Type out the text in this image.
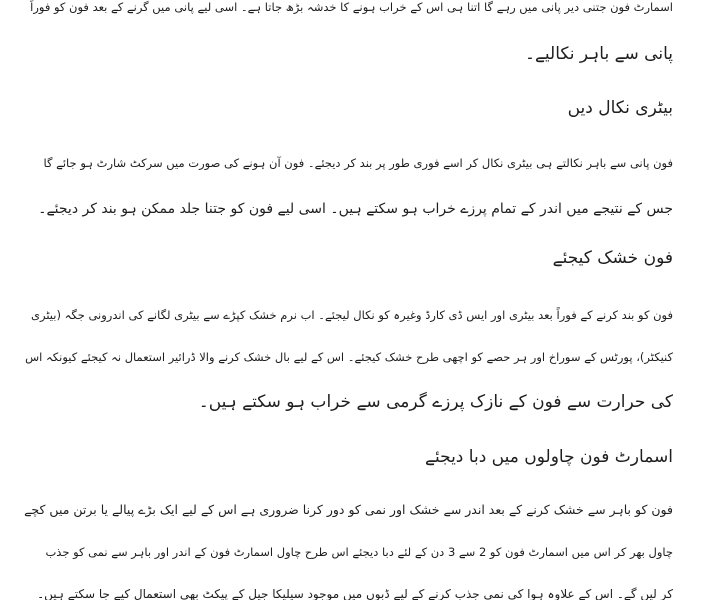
اسمارٹ فون جتنی دیر پانی میں رہے گا اتنا ہی اس کے خراب ہونے کا خدشہ بڑھ جاتا ہے۔ اسی لیے پانی میں گرنے کے بعد فون کو فوراً
پانی سے باہر نکالیے۔
بیٹری نکال دیں
فون پانی سے باہر نکالتے ہی بیٹری نکال کر اسے فوری طور پر بند کر دیجئے۔ فون آن ہونے کی صورت میں سرکٹ شارٹ ہو جائے گا
جس کے نتیجے میں اندر کے تمام پرزے خراب ہو سکتے ہیں۔ اسی لیے فون کو جتنا جلد ممکن ہو بند کر دیجئے۔
فون خشک کیجئے
فون کو بند کرنے کے فوراً بعد بیٹری اور ایس ڈی کارڈ وغیرہ کو نکال لیجئے۔ اب نرم خشک کپڑے سے بیٹری لگانے کی اندرونی جگہ (بیٹری
کنیکٹر)، پورٹس کے سوراخ اور ہر حصے کو اچھی طرح خشک کیجئے۔ اس کے لیے بال خشک کرنے والا ڈرائیر استعمال نہ کیجئے کیونکہ اس
کی حرارت سے فون کے نازک پرزے گرمی سے خراب ہو سکتے ہیں۔
اسمارٹ فون چاولوں میں دبا دیجئے
فون کو باہر سے خشک کرنے کے بعد اندر سے خشک اور نمی کو دور کرنا ضروری ہے اس کے لیے ایک بڑے پیالے یا برتن میں کچے
چاول بھر کر اس میں اسمارٹ فون کو 2 سے 3 دن کے لئے دبا دیجئے اس طرح چاول اسمارٹ فون کے اندر اور باہر سے نمی کو جذب
کر لیں گے۔ اس کے علاوہ ہوا کی نمی جذب کرنے کے لیے ڈبوں میں موجود سیلیکا جیل کے پیکٹ بھی استعمال کیے جا سکتے ہیں۔
